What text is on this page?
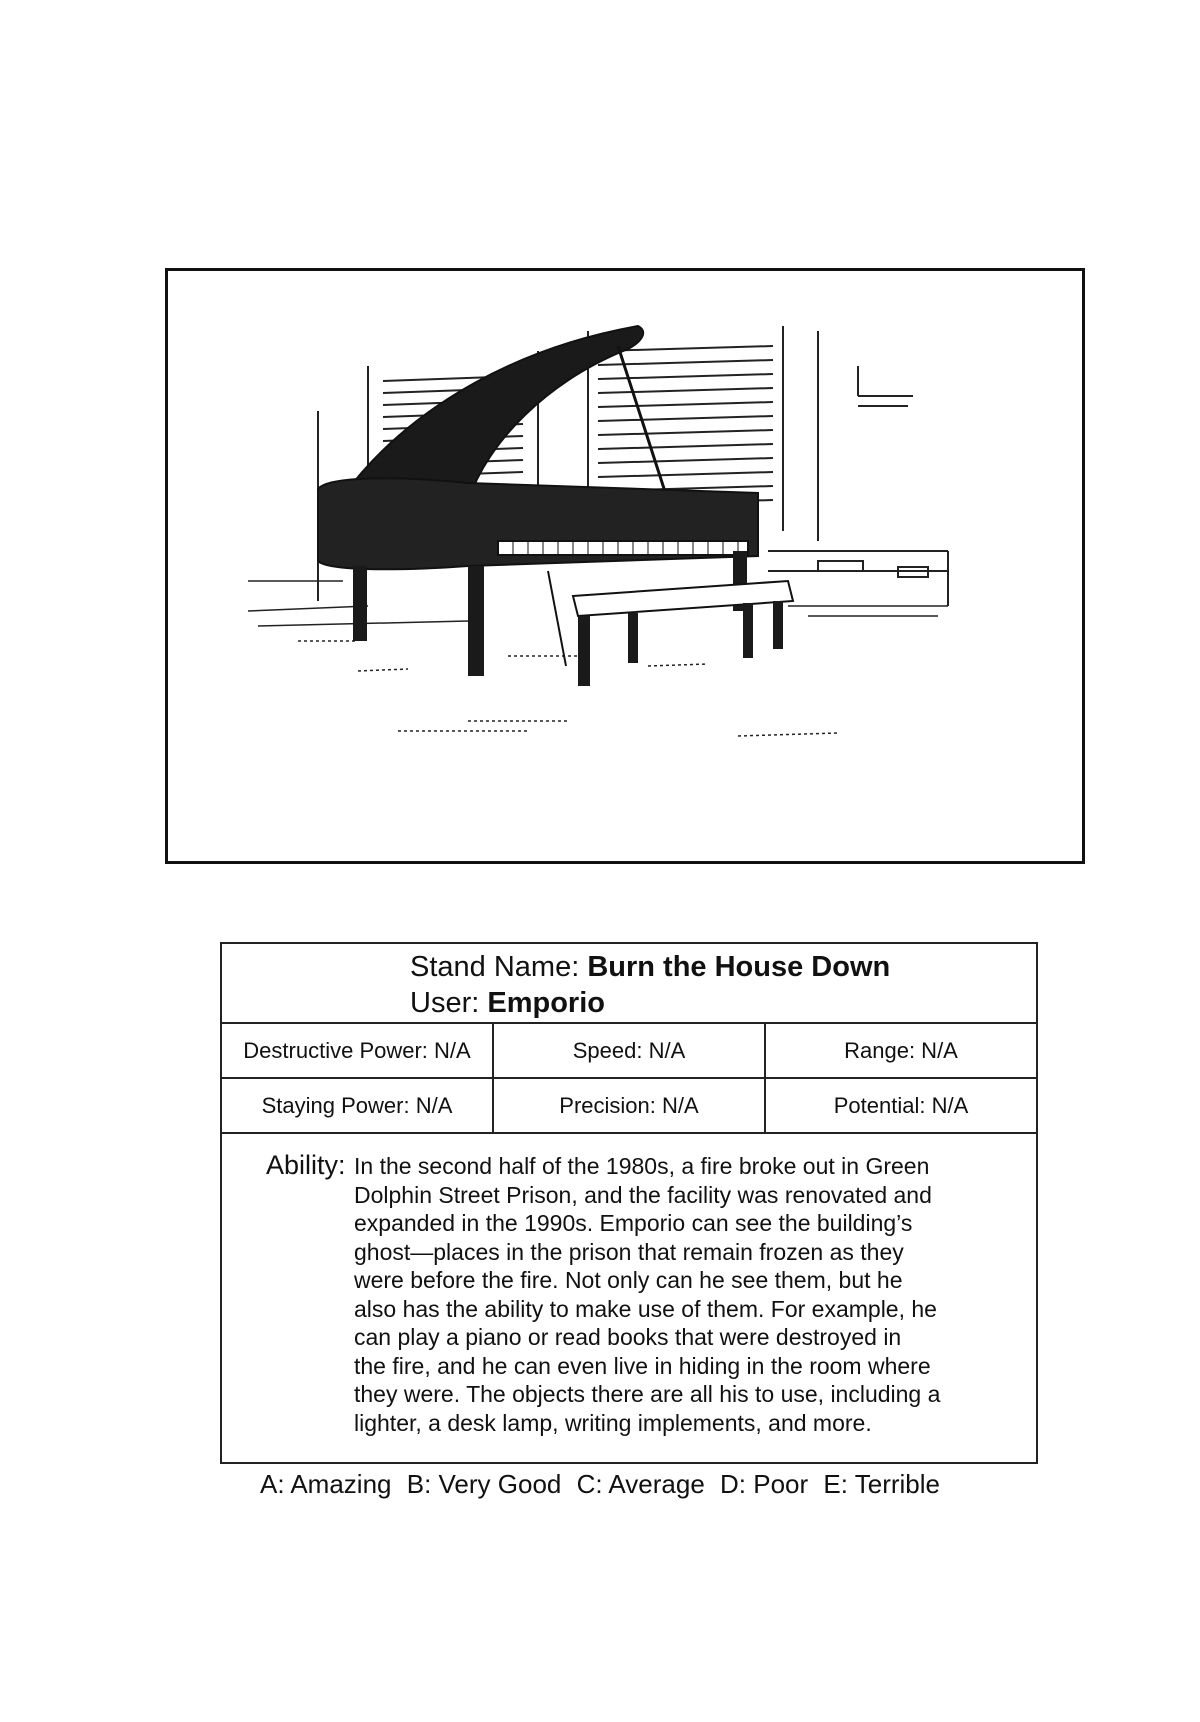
Stand Name: Burn the House Down
User: Emporio
Destructive Power: N/A	Speed: N/A	Range: N/A
Staying Power: N/A	Precision: N/A	Potential: N/A
Ability: In the second half of the 1980s, a fire broke out in Green
Dolphin Street Prison, and the facility was renovated and
expanded in the 1990s. Emporio can see the building’s
ghost—places in the prison that remain frozen as they
were before the fire. Not only can he see them, but he
also has the ability to make use of them. For example, he
can play a piano or read books that were destroyed in
the fire, and he can even live in hiding in the room where
they were. The objects there are all his to use, including a
lighter, a desk lamp, writing implements, and more.
A: Amazing B: Very Good C: Average D: Poor E: Terrible
